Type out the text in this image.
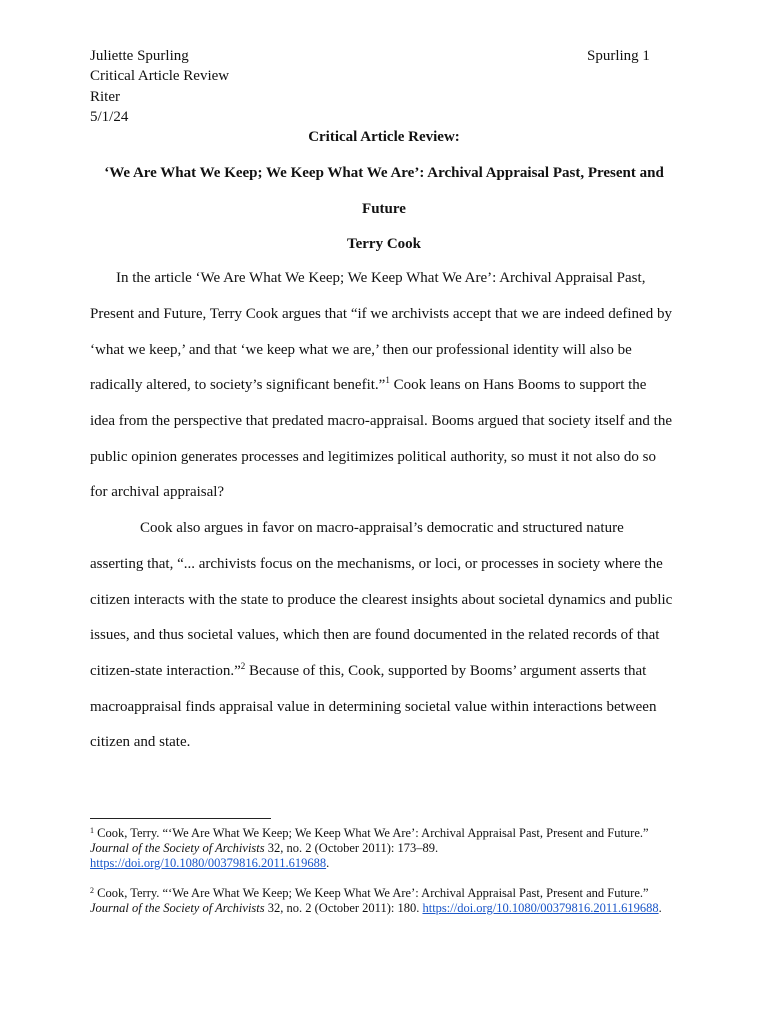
Juliette Spurling
Critical Article Review
Riter
5/1/24
Spurling 1
Critical Article Review:
‘We Are What We Keep; We Keep What We Are’: Archival Appraisal Past, Present and
Future
Terry Cook
In the article ‘We Are What We Keep; We Keep What We Are’: Archival Appraisal Past,
Present and Future, Terry Cook argues that “if we archivists accept that we are indeed defined by
‘what we keep,’ and that ‘we keep what we are,’ then our professional identity will also be
radically altered, to society’s significant benefit.”$^1$ Cook leans on Hans Booms to support the
idea from the perspective that predated macro-appraisal. Booms argued that society itself and the
public opinion generates processes and legitimizes political authority, so must it not also do so
for archival appraisal?
Cook also argues in favor on macro-appraisal’s democratic and structured nature
asserting that, “... archivists focus on the mechanisms, or loci, or processes in society where the
citizen interacts with the state to produce the clearest insights about societal dynamics and public
issues, and thus societal values, which then are found documented in the related records of that
citizen-state interaction.”$^2$ Because of this, Cook, supported by Booms’ argument asserts that
macroappraisal finds appraisal value in determining societal value within interactions between
citizen and state.
$^1$ Cook, Terry. “‘We Are What We Keep; We Keep What We Are’: Archival Appraisal Past, Present and Future.”
Journal of the Society of Archivists 32, no. 2 (October 2011): 173–89.
https://doi.org/10.1080/00379816.2011.619688.
$^2$ Cook, Terry. “‘We Are What We Keep; We Keep What We Are’: Archival Appraisal Past, Present and Future.”
Journal of the Society of Archivists 32, no. 2 (October 2011): 180. https://doi.org/10.1080/00379816.2011.619688.
